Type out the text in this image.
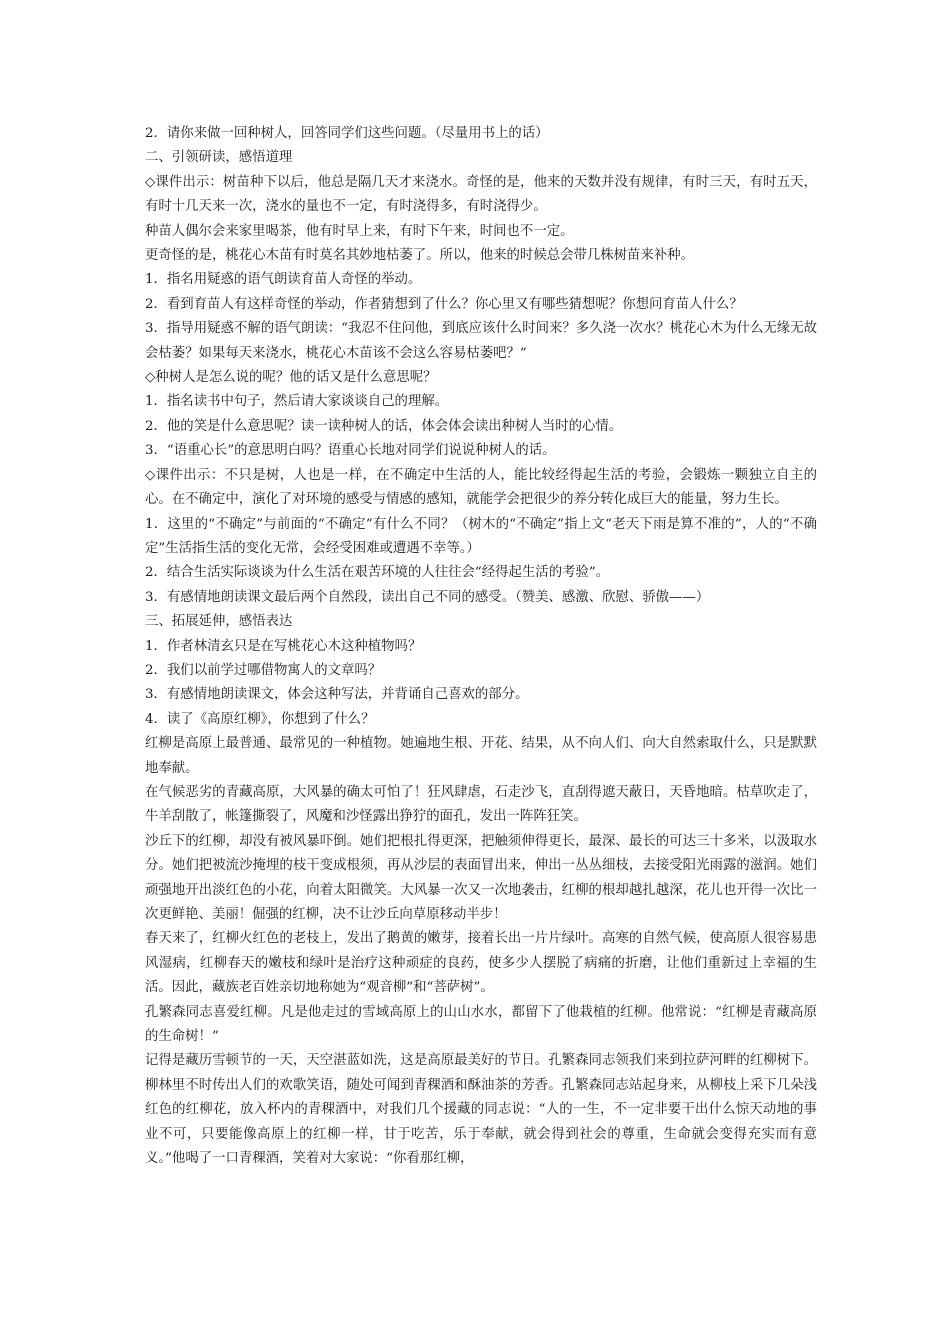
2．请你来做一回种树人，回答同学们这些问题。（尽量用书上的话）

二、引领研读，感悟道理

◇课件出示：树苗种下以后，他总是隔几天才来浇水。奇怪的是，他来的天数并没有规律，有时三天，有时五天，有时十几天来一次，浇水的量也不一定，有时浇得多，有时浇得少。

种苗人偶尔会来家里喝茶，他有时早上来，有时下午来，时间也不一定。

更奇怪的是，桃花心木苗有时莫名其妙地枯萎了。所以，他来的时候总会带几株树苗来补种。

1．指名用疑惑的语气朗读育苗人奇怪的举动。

2．看到育苗人有这样奇怪的举动，作者猜想到了什么？你心里又有哪些猜想呢？你想问育苗人什么？

3．指导用疑惑不解的语气朗读：“我忍不住问他，到底应该什么时间来？多久浇一次水？桃花心木为什么无缘无故会枯萎？如果每天来浇水，桃花心木苗该不会这么容易枯萎吧？”

◇种树人是怎么说的呢？他的话又是什么意思呢？

1．指名读书中句子，然后请大家谈谈自己的理解。

2．他的笑是什么意思呢？读一读种树人的话，体会体会读出种树人当时的心情。

3．“语重心长”的意思明白吗？语重心长地对同学们说说种树人的话。

◇课件出示：不只是树，人也是一样，在不确定中生活的人，能比较经得起生活的考验，会锻炼一颗独立自主的心。在不确定中，演化了对环境的感受与情感的感知，就能学会把很少的养分转化成巨大的能量，努力生长。

1．这里的“不确定”与前面的“不确定”有什么不同？（树木的“不确定”指上文“老天下雨是算不准的”，人的“不确定”生活指生活的变化无常，会经受困难或遭遇不幸等。）

2．结合生活实际谈谈为什么生活在艰苦环境的人往往会“经得起生活的考验”。

3．有感情地朗读课文最后两个自然段，读出自己不同的感受。（赞美、感激、欣慰、骄傲——）

三、拓展延伸，感悟表达

1．作者林清玄只是在写桃花心木这种植物吗？

2．我们以前学过哪借物寓人的文章吗？

3．有感情地朗读课文，体会这种写法，并背诵自己喜欢的部分。

4．读了《高原红柳》，你想到了什么？

红柳是高原上最普通、最常见的一种植物。她遍地生根、开花、结果，从不向人们、向大自然索取什么，只是默默地奉献。

在气候恶劣的青藏高原，大风暴的确太可怕了！狂风肆虐，石走沙飞，直刮得遮天蔽日，天昏地暗。枯草吹走了，牛羊刮散了，帐篷撕裂了，风魔和沙怪露出狰狞的面孔，发出一阵阵狂笑。

沙丘下的红柳，却没有被风暴吓倒。她们把根扎得更深，把触须伸得更长，最深、最长的可达三十多米，以汲取水分。她们把被流沙掩埋的枝干变成根须，再从沙层的表面冒出来，伸出一丛丛细枝，去接受阳光雨露的滋润。她们顽强地开出淡红色的小花，向着太阳微笑。大风暴一次又一次地袭击，红柳的根却越扎越深，花儿也开得一次比一次更鲜艳、美丽！倔强的红柳，决不让沙丘向草原移动半步！

春天来了，红柳火红色的老枝上，发出了鹅黄的嫩芽，接着长出一片片绿叶。高寒的自然气候，使高原人很容易患风湿病，红柳春天的嫩枝和绿叶是治疗这种顽症的良药，使多少人摆脱了病痛的折磨，让他们重新过上幸福的生活。因此，藏族老百姓亲切地称她为“观音柳”和“菩萨树”。

孔繁森同志喜爱红柳。凡是他走过的雪域高原上的山山水水，都留下了他栽植的红柳。他常说：“红柳是青藏高原的生命树！”

记得是藏历雪顿节的一天，天空湛蓝如洗，这是高原最美好的节日。孔繁森同志领我们来到拉萨河畔的红柳树下。柳林里不时传出人们的欢歌笑语，随处可闻到青稞酒和酥油茶的芳香。孔繁森同志站起身来，从柳枝上采下几朵浅红色的红柳花，放入杯内的青稞酒中，对我们几个援藏的同志说：“人的一生，不一定非要干出什么惊天动地的事业不可，只要能像高原上的红柳一样，甘于吃苦，乐于奉献，就会得到社会的尊重，生命就会变得充实而有意义。”他喝了一口青稞酒，笑着对大家说：“你看那红柳，
